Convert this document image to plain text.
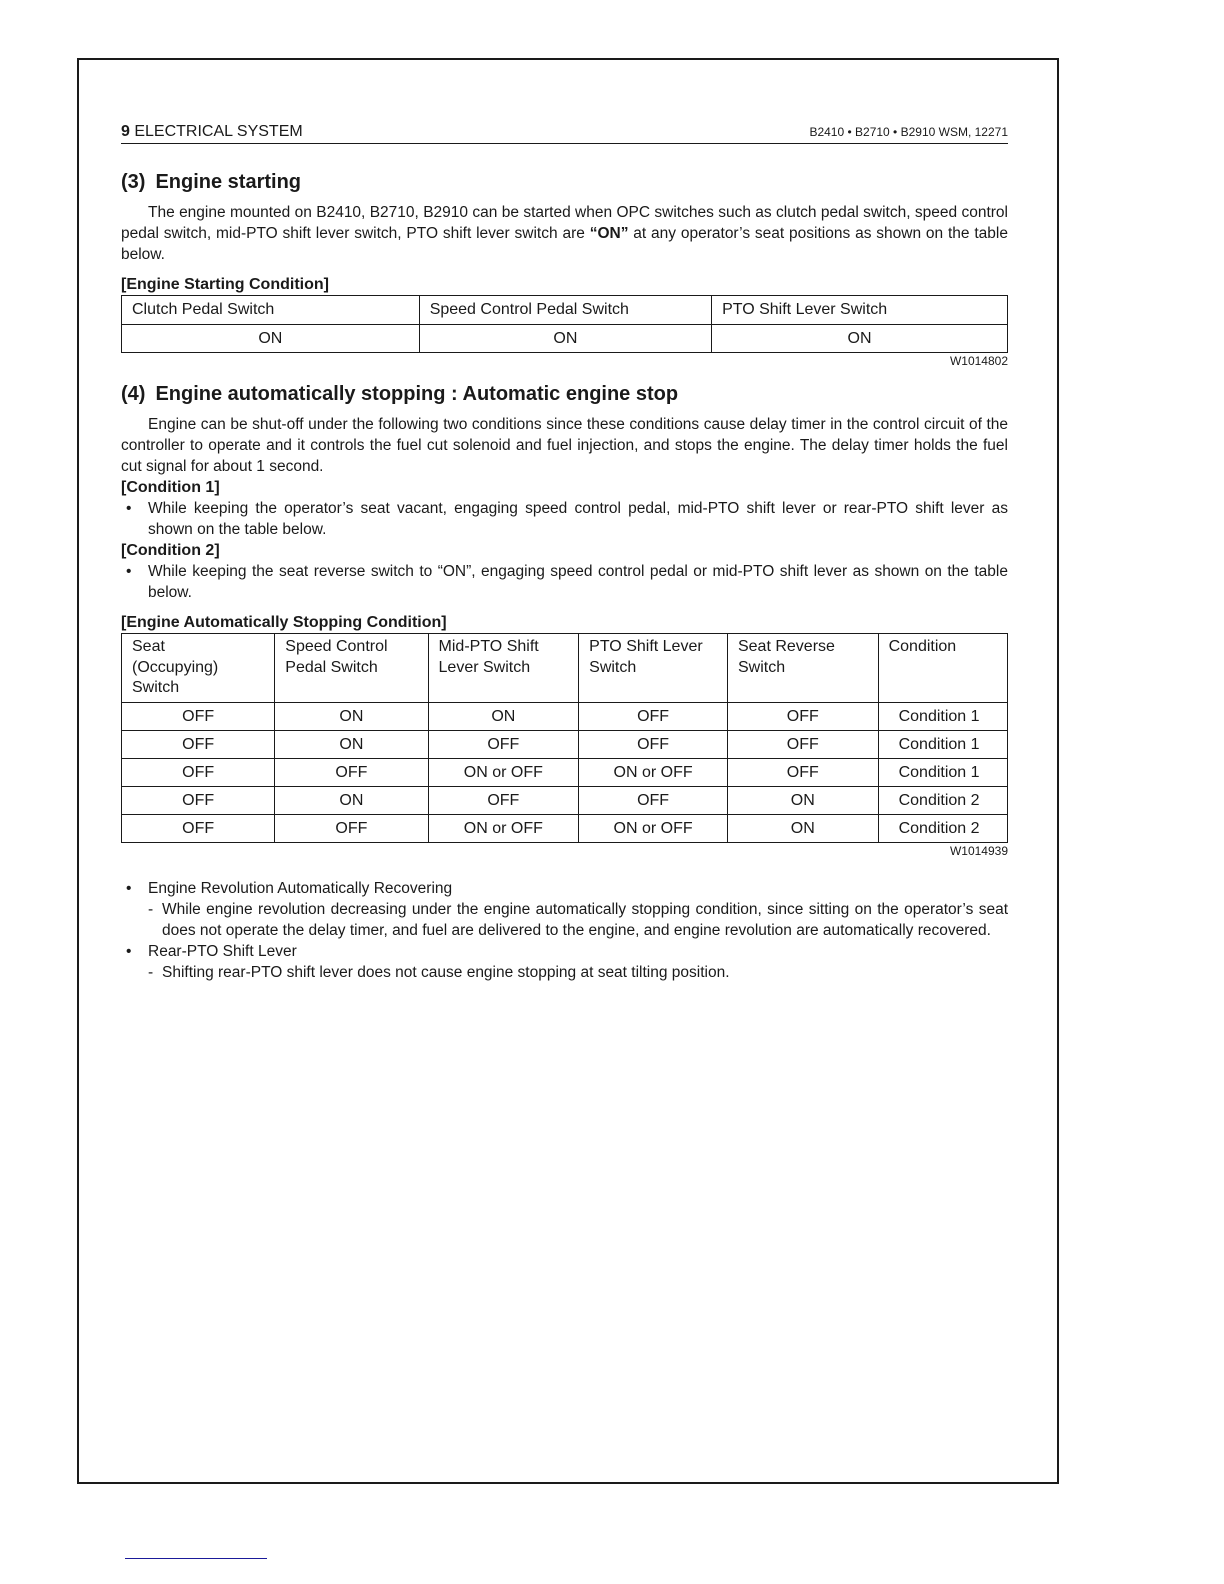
9 ELECTRICAL SYSTEM	B2410 • B2710 • B2910 WSM, 12271
(3) Engine starting

The engine mounted on B2410, B2710, B2910 can be started when OPC switches such as clutch pedal switch, speed control pedal switch, mid-PTO shift lever switch, PTO shift lever switch are “ON” at any operator’s seat positions as shown on the table below.

[Engine Starting Condition]
Clutch Pedal Switch	Speed Control Pedal Switch	PTO Shift Lever Switch
ON	ON	ON
W1014802
(4) Engine automatically stopping : Automatic engine stop

Engine can be shut-off under the following two conditions since these conditions cause delay timer in the control circuit of the controller to operate and it controls the fuel cut solenoid and fuel injection, and stops the engine. The delay timer holds the fuel cut signal for about 1 second.

[Condition 1]
• While keeping the operator’s seat vacant, engaging speed control pedal, mid-PTO shift lever or rear-PTO shift lever as shown on the table below.
[Condition 2]
• While keeping the seat reverse switch to “ON”, engaging speed control pedal or mid-PTO shift lever as shown on the table below.
[Engine Automatically Stopping Condition]
Seat
(Occupying)
Switch	Speed Control
Pedal Switch	Mid-PTO Shift
Lever Switch	PTO Shift Lever
Switch	Seat Reverse
Switch	Condition
OFF	ON	ON	OFF	OFF	Condition 1
OFF	ON	OFF	OFF	OFF	Condition 1
OFF	OFF	ON or OFF	ON or OFF	OFF	Condition 1
OFF	ON	OFF	OFF	ON	Condition 2
OFF	OFF	ON or OFF	ON or OFF	ON	Condition 2
W1014939
• Engine Revolution Automatically Recovering
- While engine revolution decreasing under the engine automatically stopping condition, since sitting on the operator’s seat does not operate the delay timer, and fuel are delivered to the engine, and engine revolution are automatically recovered.
• Rear-PTO Shift Lever
- Shifting rear-PTO shift lever does not cause engine stopping at seat tilting position.
